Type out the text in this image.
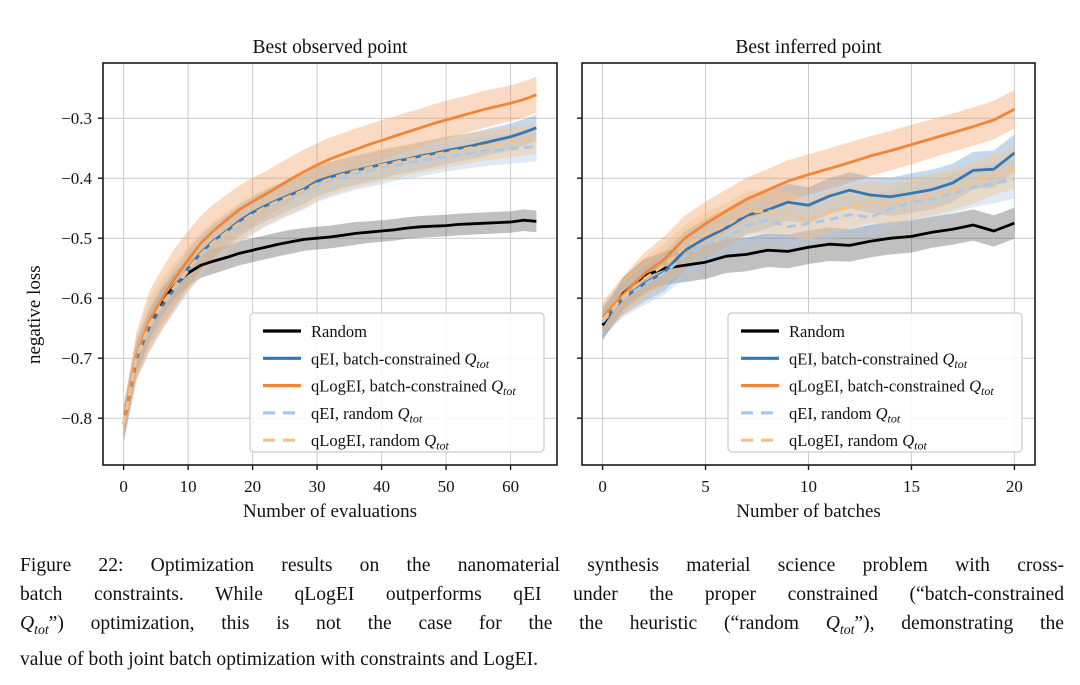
0	10	20	30	40	50	60
−0.3
−0.4
−0.5
−0.6
−0.7
−0.8
Best observed point
Number of evaluations
negative loss	Random
qEI, batch-constrained $Q_{tot}$
qLogEI, batch-constrained $Q_{tot}$
qEI, random $Q_{tot}$
qLogEI, random $Q_{tot}$
0	5	10	15	20
Best inferred point
Number of batches
Random
qEI, batch-constrained $Q_{tot}$
qLogEI, batch-constrained $Q_{tot}$
qEI, random $Q_{tot}$
qLogEI, random $Q_{tot}$
Figure 22: Optimization results on the nanomaterial synthesis material science problem with cross-
batch constraints. While qLogEI outperforms qEI under the proper constrained (“batch-constrained
$Q_{tot}$”) optimization, this is not the case for the the heuristic (“random $Q_{tot}$”), demonstrating the
value of both joint batch optimization with constraints and LogEI.
